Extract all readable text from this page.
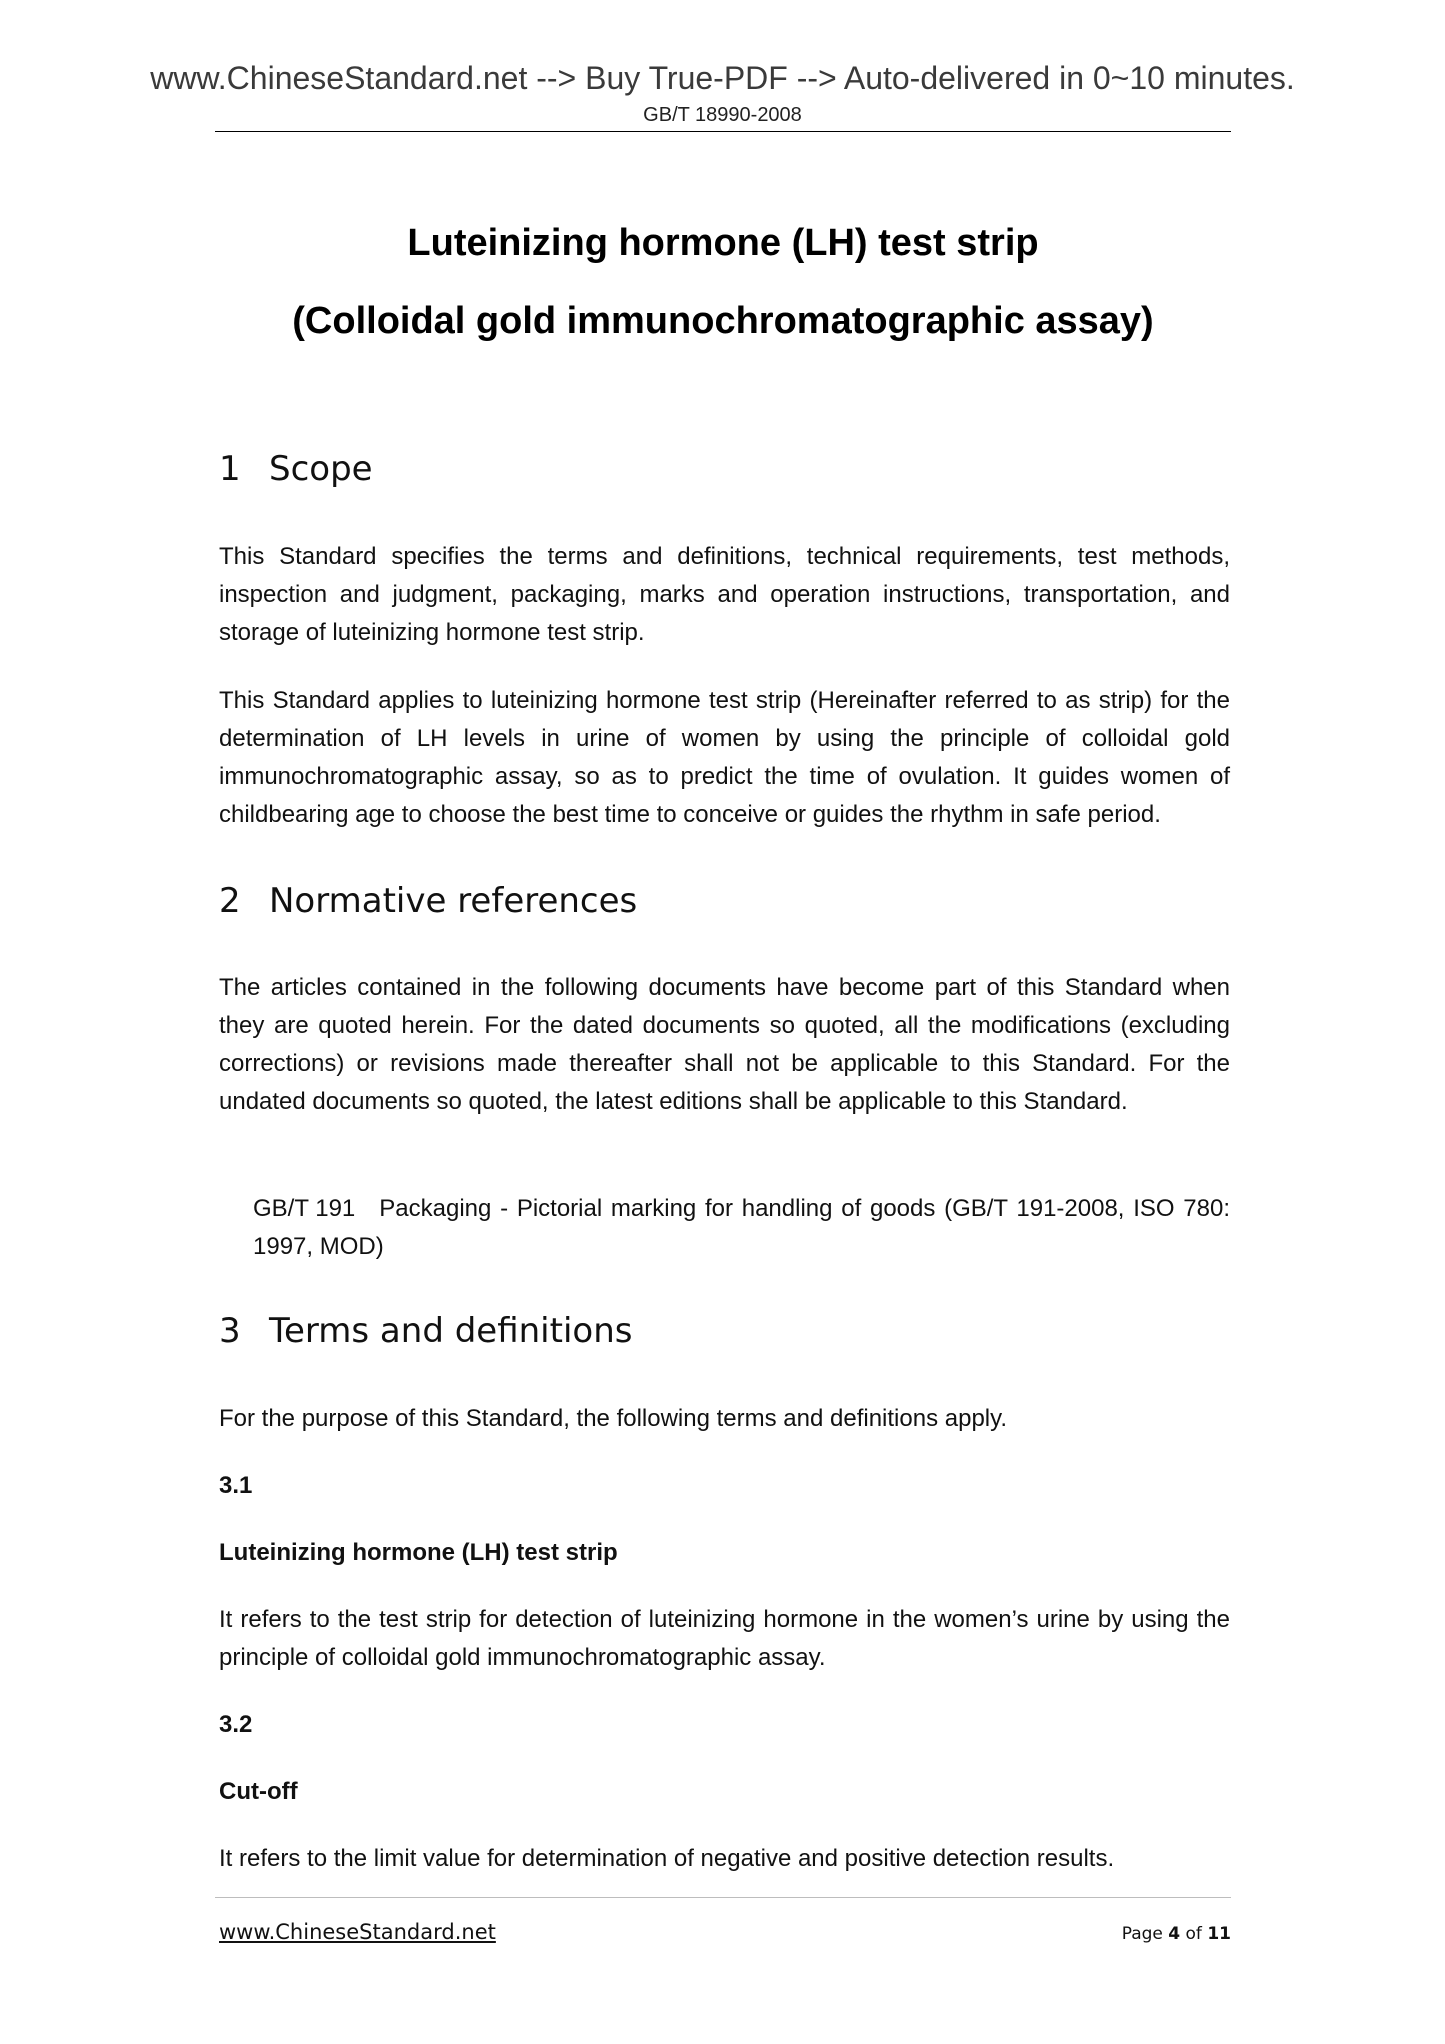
www.ChineseStandard.net --> Buy True-PDF --> Auto-delivered in 0~10 minutes.
GB/T 18990-2008
Luteinizing hormone (LH) test strip
(Colloidal gold immunochromatographic assay)
1 Scope
This Standard specifies the terms and definitions, technical requirements, test methods, inspection and judgment, packaging, marks and operation instructions, transportation, and storage of luteinizing hormone test strip.
This Standard applies to luteinizing hormone test strip (Hereinafter referred to as strip) for the determination of LH levels in urine of women by using the principle of colloidal gold immunochromatographic assay, so as to predict the time of ovulation. It guides women of childbearing age to choose the best time to conceive or guides the rhythm in safe period.
2 Normative references
The articles contained in the following documents have become part of this Standard when they are quoted herein. For the dated documents so quoted, all the modifications (excluding corrections) or revisions made thereafter shall not be applicable to this Standard. For the undated documents so quoted, the latest editions shall be applicable to this Standard.
GB/T 191 Packaging - Pictorial marking for handling of goods (GB/T 191-2008, ISO 780: 1997, MOD)
3 Terms and definitions
For the purpose of this Standard, the following terms and definitions apply.
3.1
Luteinizing hormone (LH) test strip
It refers to the test strip for detection of luteinizing hormone in the women’s urine by using the principle of colloidal gold immunochromatographic assay.
3.2
Cut-off
It refers to the limit value for determination of negative and positive detection results.
www.ChineseStandard.net	Page 4 of 11
